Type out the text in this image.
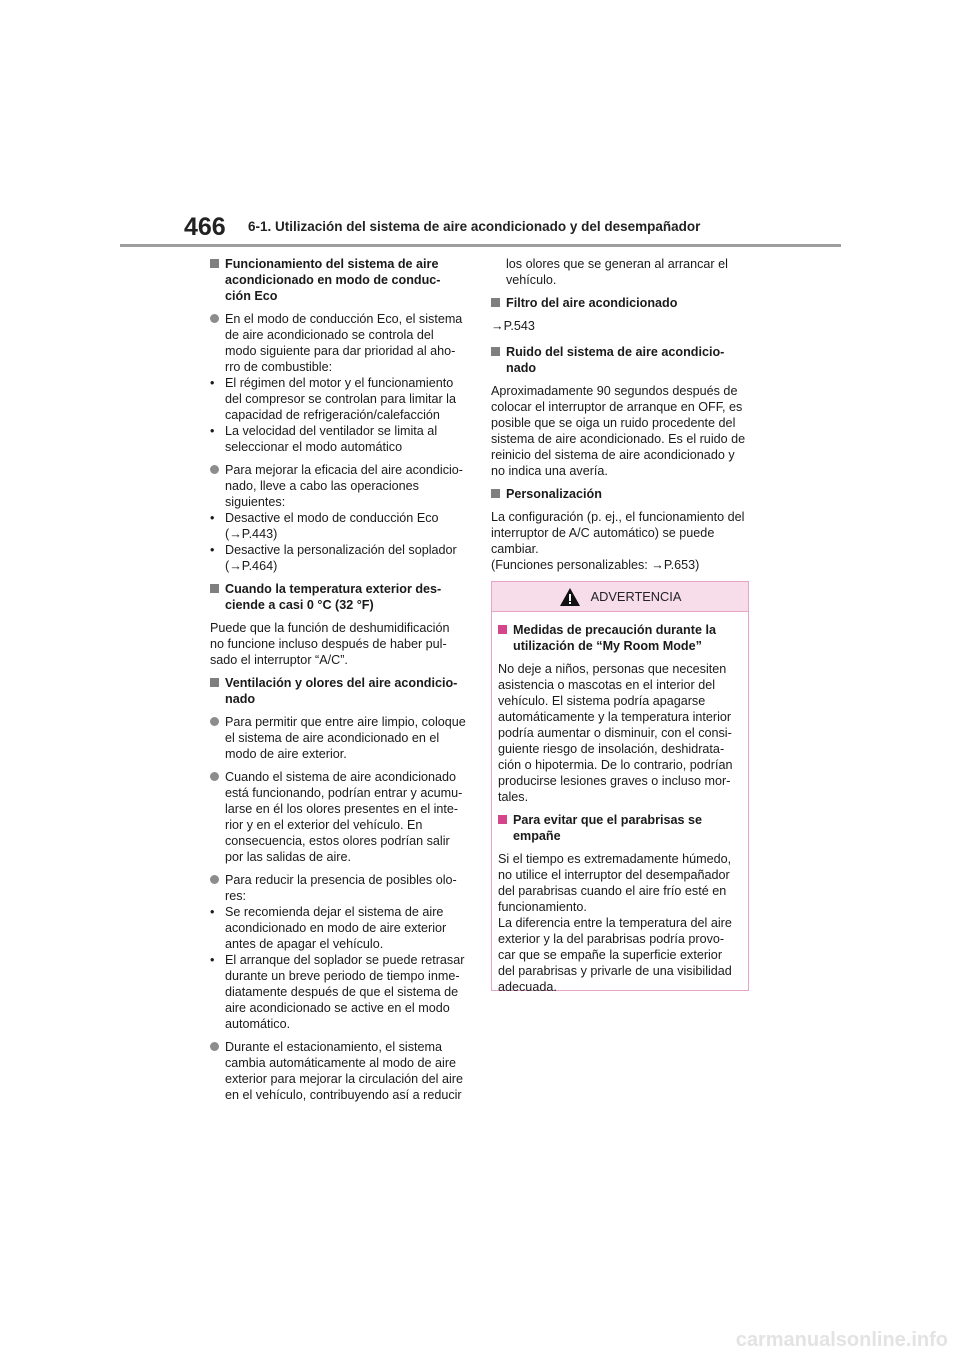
466 6-1. Utilización del sistema de aire acondicionado y del desempañador
Funcionamiento del sistema de aire
acondicionado en modo de conduc-
ción Eco
En el modo de conducción Eco, el sistema
de aire acondicionado se controla del
modo siguiente para dar prioridad al aho-
rro de combustible:
• El régimen del motor y el funcionamiento
del compresor se controlan para limitar la
capacidad de refrigeración/calefacción
• La velocidad del ventilador se limita al
seleccionar el modo automático
Para mejorar la eficacia del aire acondicio-
nado, lleve a cabo las operaciones
siguientes:
• Desactive el modo de conducción Eco
(→P.443)
• Desactive la personalización del soplador
(→P.464)
Cuando la temperatura exterior des-
ciende a casi 0 °C (32 °F)
Puede que la función de deshumidificación
no funcione incluso después de haber pul-
sado el interruptor “A/C”.
Ventilación y olores del aire acondicio-
nado
Para permitir que entre aire limpio, coloque
el sistema de aire acondicionado en el
modo de aire exterior.
Cuando el sistema de aire acondicionado
está funcionando, podrían entrar y acumu-
larse en él los olores presentes en el inte-
rior y en el exterior del vehículo. En
consecuencia, estos olores podrían salir
por las salidas de aire.
Para reducir la presencia de posibles olo-
res:
• Se recomienda dejar el sistema de aire
acondicionado en modo de aire exterior
antes de apagar el vehículo.
• El arranque del soplador se puede retrasar
durante un breve periodo de tiempo inme-
diatamente después de que el sistema de
aire acondicionado se active en el modo
automático.
Durante el estacionamiento, el sistema
cambia automáticamente al modo de aire
exterior para mejorar la circulación del aire
en el vehículo, contribuyendo así a reducir
los olores que se generan al arrancar el
vehículo.
Filtro del aire acondicionado
→P.543
Ruido del sistema de aire acondicio-
nado
Aproximadamente 90 segundos después de
colocar el interruptor de arranque en OFF, es
posible que se oiga un ruido procedente del
sistema de aire acondicionado. Es el ruido de
reinicio del sistema de aire acondicionado y
no indica una avería.
Personalización
La configuración (p. ej., el funcionamiento del
interruptor de A/C automático) se puede
cambiar.
(Funciones personalizables: →P.653)
ADVERTENCIA
Medidas de precaución durante la
utilización de “My Room Mode”
No deje a niños, personas que necesiten
asistencia o mascotas en el interior del
vehículo. El sistema podría apagarse
automáticamente y la temperatura interior
podría aumentar o disminuir, con el consi-
guiente riesgo de insolación, deshidrata-
ción o hipotermia. De lo contrario, podrían
producirse lesiones graves o incluso mor-
tales.
Para evitar que el parabrisas se
empañe
Si el tiempo es extremadamente húmedo,
no utilice el interruptor del desempañador
del parabrisas cuando el aire frío esté en
funcionamiento.
La diferencia entre la temperatura del aire
exterior y la del parabrisas podría provo-
car que se empañe la superficie exterior
del parabrisas y privarle de una visibilidad
adecuada.
carmanualsonline.info
